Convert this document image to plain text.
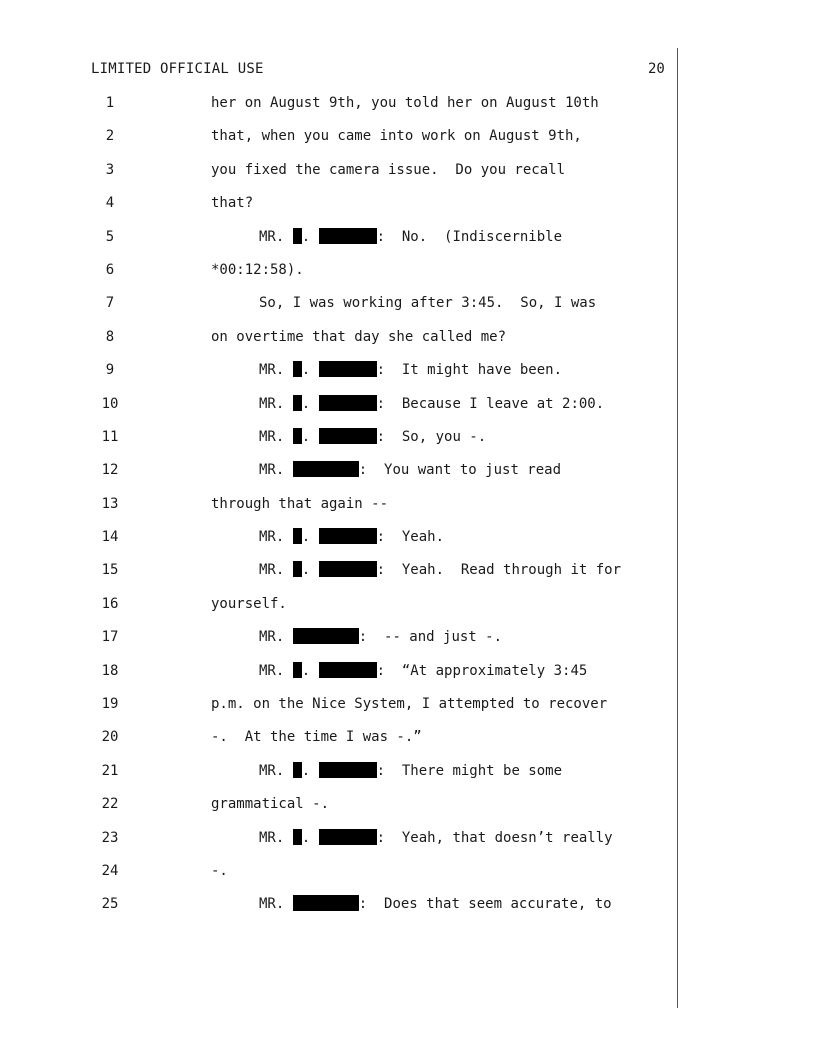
LIMITED OFFICIAL USE	20

1

	her on August 9th, you told her on August 10th

2

	that, when you came into work on August 9th,

3

	you fixed the camera issue.  Do you recall

4

	that?

5

	MR. .	:  No.  (Indiscernible

6

	*00:12:58).

7

	So, I was working after 3:45.  So, I was

8

	on overtime that day she called me?

9

	MR. .	:  It might have been.

10

	MR. .	:  Because I leave at 2:00.

11

	MR. .	:  So, you -.

12

	MR.	:  You want to just read

13

	through that again --

14

	MR. .	:  Yeah.

15

	MR. .	:  Yeah.  Read through it for

16

	yourself.

17

	MR.	:  -- and just -.

18

	MR. .	:  “At approximately 3:45

19

	p.m. on the Nice System, I attempted to recover

20

	-.  At the time I was -.”

21

	MR. .	:  There might be some

22

	grammatical -.

23

	MR. .	:  Yeah, that doesn’t really

24

	-.

25

	MR.	:  Does that seem accurate, to
